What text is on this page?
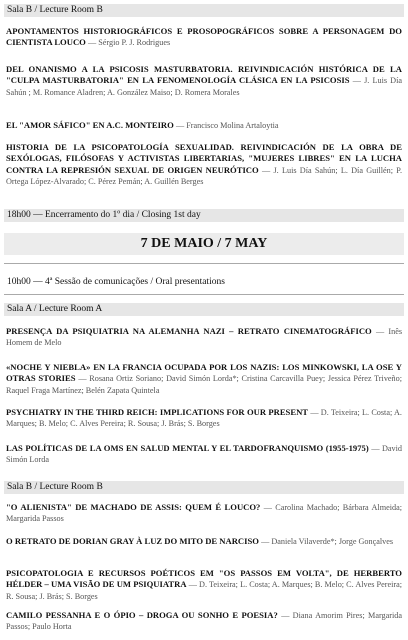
Sala B / Lecture Room B

APONTAMENTOS HISTORIOGRÁFICOS E PROSOPOGRÁFICOS SOBRE A PERSONAGEM DO CIENTISTA LOUCO — Sérgio P. J. Rodrigues

DEL ONANISMO A LA PSICOSIS MASTURBATORIA. REIVINDICACIÓN HISTÓRICA DE LA "CULPA MASTURBATORIA" EN LA FENOMENOLOGÍA CLÁSICA EN LA PSICOSIS — J. Luis Día Sahún ; M. Romance Aladren; A. González Maiso; D. Romera Morales

EL "AMOR SÁFICO" EN A.C. MONTEIRO — Francisco Molina Artaloytia

HISTORIA DE LA PSICOPATOLOGÍA SEXUALIDAD. REIVINDICACIÓN DE LA OBRA DE SEXÓLOGAS, FILÓSOFAS Y ACTIVISTAS LIBERTARIAS, "MUJERES LIBRES" EN LA LUCHA CONTRA LA REPRESIÓN SEXUAL DE ORIGEN NEURÓTICO — J. Luis Día Sahún; L. Día Guillén; P. Ortega López-Alvarado; C. Pérez Pemán; A. Guillén Berges

18h00 — Encerramento do 1º dia / Closing 1st day
7 DE MAIO / 7 MAY
10h00 — 4ª Sessão de comunicações / Oral presentations
Sala A / Lecture Room A

PRESENÇA DA PSIQUIATRIA NA ALEMANHA NAZI – RETRATO CINEMATOGRÁFICO — Inês Homem de Melo

«NOCHE Y NIEBLA» EN LA FRANCIA OCUPADA POR LOS NAZIS: LOS MINKOWSKI, LA OSE Y OTRAS STORIES — Rosana Ortiz Soriano; David Simón Lorda*; Cristina Carcavilla Puey; Jessica Pérez Triveño; Raquel Fraga Martínez; Belén Zapata Quintela

PSYCHIATRY IN THE THIRD REICH: IMPLICATIONS FOR OUR PRESENT — D. Teixeira; L. Costa; A. Marques; B. Melo; C. Alves Pereira; R. Sousa; J. Brás; S. Borges

LAS POLÍTICAS DE LA OMS EN SALUD MENTAL Y EL TARDOFRANQUISMO (1955-1975) — David Simón Lorda

Sala B / Lecture Room B

"O ALIENISTA" DE MACHADO DE ASSIS: QUEM É LOUCO? — Carolina Machado; Bárbara Almeida; Margarida Passos

O RETRATO DE DORIAN GRAY À LUZ DO MITO DE NARCISO — Daniela Vilaverde*; Jorge Gonçalves

PSICOPATOLOGIA E RECURSOS POÉTICOS EM "OS PASSOS EM VOLTA", DE HERBERTO HÉLDER – UMA VISÃO DE UM PSIQUIATRA — D. Teixeira; L. Costa; A. Marques; B. Melo; C. Alves Pereira; R. Sousa; J. Brás; S. Borges

CAMILO PESSANHA E O ÓPIO – DROGA OU SONHO E POESIA? — Diana Amorim Pires; Margarida Passos; Paulo Horta
